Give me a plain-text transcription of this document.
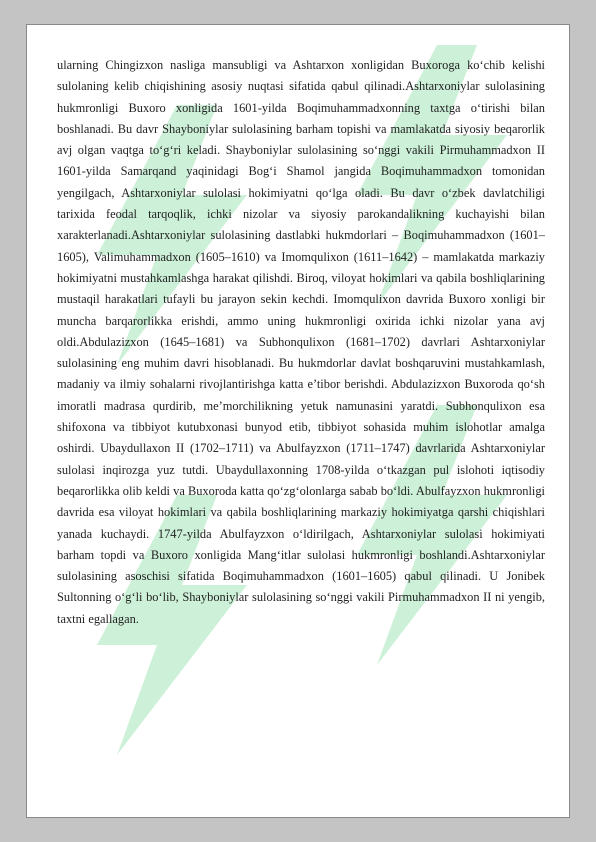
ularning Chingizxon nasliga mansubligi va Ashtarxon xonligidan Buxoroga ko‘chib kelishi sulolaning kelib chiqishining asosiy nuqtasi sifatida qabul qilinadi.Ashtarxoniylar sulolasining hukmronligi Buxoro xonligida 1601-yilda Boqimuhammadxonning taxtga o‘tirishi bilan boshlanadi. Bu davr Shayboniylar sulolasining barham topishi va mamlakatda siyosiy beqarorlik avj olgan vaqtga to‘g‘ri keladi. Shayboniylar sulolasining so‘nggi vakili Pirmuhammadxon II 1601-yilda Samarqand yaqinidagi Bog‘i Shamol jangida Boqimuhammadxon tomonidan yengilgach, Ashtarxoniylar sulolasi hokimiyatni qo‘lga oladi. Bu davr o‘zbek davlatchiligi tarixida feodal tarqoqlik, ichki nizolar va siyosiy parokandalikning kuchayishi bilan xarakterlanadi.Ashtarxoniylar sulolasining dastlabki hukmdorlari – Boqimuhammadxon (1601–1605), Valimuhammadxon (1605–1610) va Imomqulixon (1611–1642) – mamlakatda markaziy hokimiyatni mustahkamlashga harakat qilishdi. Biroq, viloyat hokimlari va qabila boshliqlarining mustaqil harakatlari tufayli bu jarayon sekin kechdi. Imomqulixon davrida Buxoro xonligi bir muncha barqarorlikka erishdi, ammo uning hukmronligi oxirida ichki nizolar yana avj oldi.Abdulazizxon (1645–1681) va Subhonqulixon (1681–1702) davrlari Ashtarxoniylar sulolasining eng muhim davri hisoblanadi. Bu hukmdorlar davlat boshqaruvini mustahkamlash, madaniy va ilmiy sohalarni rivojlantirishga katta e’tibor berishdi. Abdulazizxon Buxoroda qo‘sh imoratli madrasa qurdirib, me’morchilikning yetuk namunasini yaratdi. Subhonqulixon esa shifoxona va tibbiyot kutubxonasi bunyod etib, tibbiyot sohasida muhim islohotlar amalga oshirdi. Ubaydullaxon II (1702–1711) va Abulfayzxon (1711–1747) davrlarida Ashtarxoniylar sulolasi inqirozga yuz tutdi. Ubaydullaxonning 1708-yilda o‘tkazgan pul islohoti iqtisodiy beqarorlikka olib keldi va Buxoroda katta qo‘zg‘olonlarga sabab bo‘ldi. Abulfayzxon hukmronligi davrida esa viloyat hokimlari va qabila boshliqlarining markaziy hokimiyatga qarshi chiqishlari yanada kuchaydi. 1747-yilda Abulfayzxon o‘ldirilgach, Ashtarxoniylar sulolasi hokimiyati barham topdi va Buxoro xonligida Mang‘itlar sulolasi hukmronligi boshlandi.Ashtarxoniylar sulolasining asoschisi sifatida Boqimuhammadxon (1601–1605) qabul qilinadi. U Jonibek Sultonning o‘g‘li bo‘lib, Shayboniylar sulolasining so‘nggi vakili Pirmuhammadxon II ni yengib, taxtni egallagan.
